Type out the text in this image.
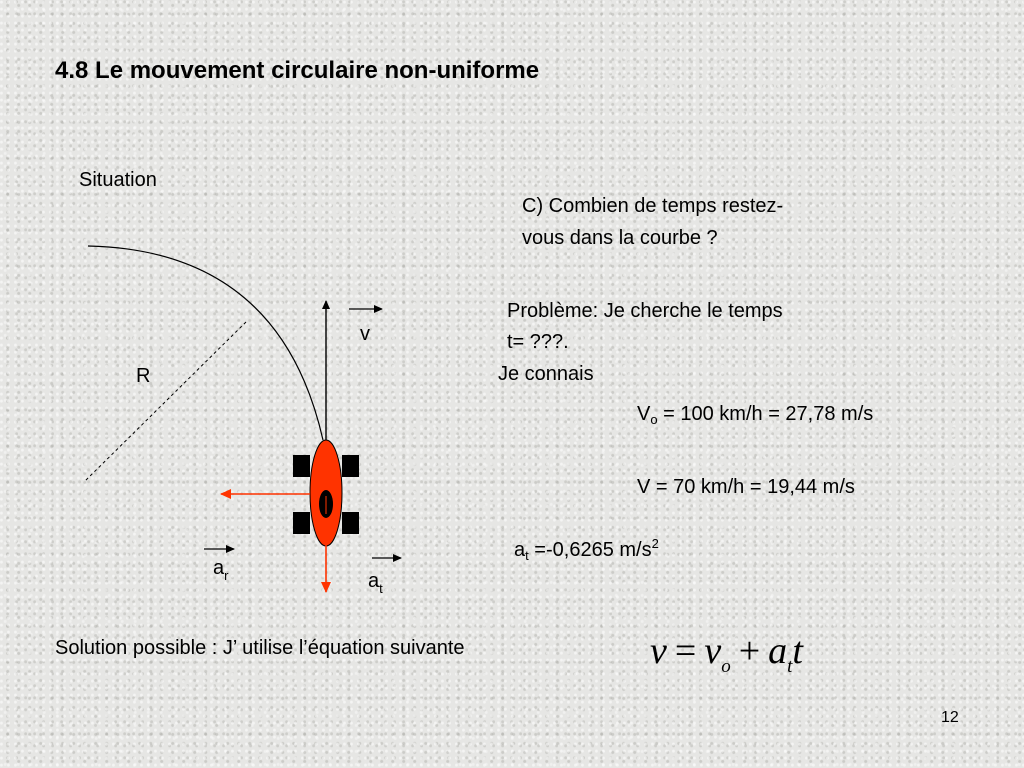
4.8 Le mouvement circulaire non-uniforme
Situation
C) Combien de temps restez-
vous dans la courbe ?
Problème: Je cherche le temps
t= ???.
Je connais
$V_o = 100$ km/h = 27,78 m/s
V = 70 km/h = 19,44 m/s
$a_t =-0,6265$ $m/s^2$
Solution possible : J’ utilise l’équation suivante	$v = v_o + a_tt$
12
R
v
$a_r$	$a_t$
